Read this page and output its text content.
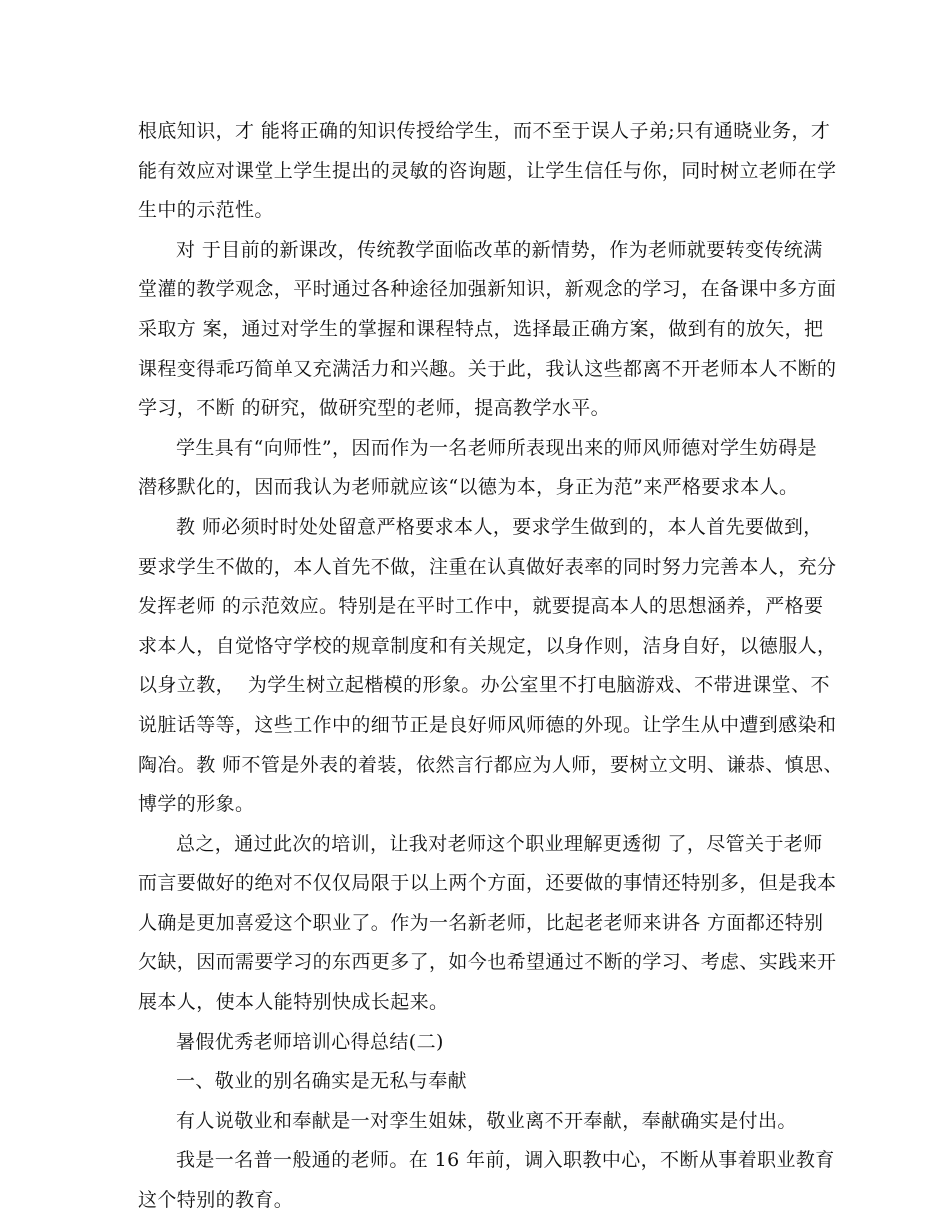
根底知识，才 能将正确的知识传授给学生，而不至于误人子弟;只有通晓业务，才
能有效应对课堂上学生提出的灵敏的咨询题，让学生信任与你，同时树立老师在学
生中的示范性。
对 于目前的新课改，传统教学面临改革的新情势，作为老师就要转变传统满
堂灌的教学观念，平时通过各种途径加强新知识，新观念的学习，在备课中多方面
采取方 案，通过对学生的掌握和课程特点，选择最正确方案，做到有的放矢，把
课程变得乖巧简单又充满活力和兴趣。关于此，我认这些都离不开老师本人不断的
学习，不断 的研究，做研究型的老师，提高教学水平。
学生具有“向师性”，因而作为一名老师所表现出来的师风师德对学生妨碍是
潜移默化的，因而我认为老师就应该“以德为本，身正为范”来严格要求本人。
教 师必须时时处处留意严格要求本人，要求学生做到的，本人首先要做到，
要求学生不做的，本人首先不做，注重在认真做好表率的同时努力完善本人，充分
发挥老师 的示范效应。特别是在平时工作中，就要提高本人的思想涵养，严格要
求本人，自觉恪守学校的规章制度和有关规定，以身作则，洁身自好，以德服人，
以身立教，  为学生树立起楷模的形象。办公室里不打电脑游戏、不带进课堂、不
说脏话等等，这些工作中的细节正是良好师风师德的外现。让学生从中遭到感染和
陶冶。教 师不管是外表的着装，依然言行都应为人师，要树立文明、谦恭、慎思、
博学的形象。
总之，通过此次的培训，让我对老师这个职业理解更透彻 了，尽管关于老师
而言要做好的绝对不仅仅局限于以上两个方面，还要做的事情还特别多，但是我本
人确是更加喜爱这个职业了。作为一名新老师，比起老老师来讲各 方面都还特别
欠缺，因而需要学习的东西更多了，如今也希望通过不断的学习、考虑、实践来开
展本人，使本人能特别快成长起来。
暑假优秀老师培训心得总结(二)
一、敬业的别名确实是无私与奉献
有人说敬业和奉献是一对孪生姐妹，敬业离不开奉献，奉献确实是付出。
我是一名普一般通的老师。在 16 年前，调入职教中心，不断从事着职业教育
这个特别的教育。
